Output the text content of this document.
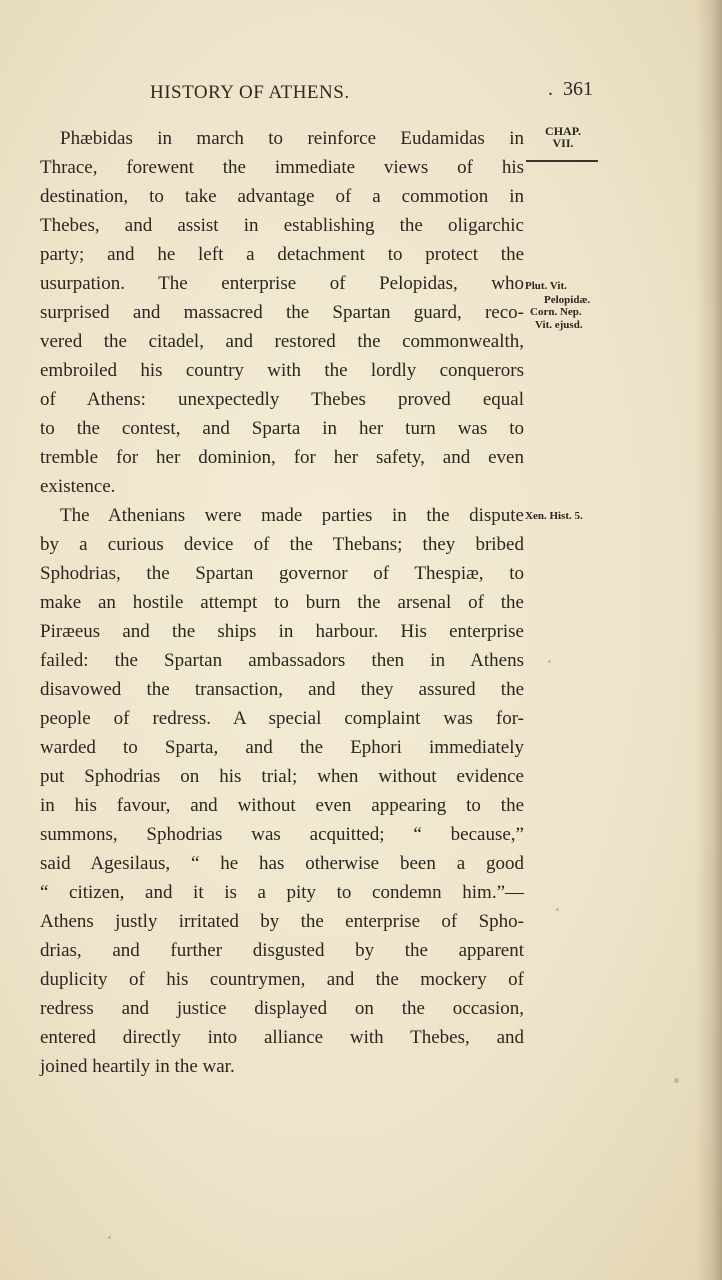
HISTORY OF ATHENS.	. 361
CHAP.
VII.
Plut. Vit.
Pelopidæ.
Corn. Nep.
Vit. ejusd.
Xen. Hist. 5.
Phæbidas in march to reinforce Eudamidas in
Thrace, forewent the immediate views of his
destination, to take advantage of a commotion in
Thebes, and assist in establishing the oligarchic
party; and he left a detachment to protect the
usurpation. The enterprise of Pelopidas, who
surprised and massacred the Spartan guard, reco-
vered the citadel, and restored the commonwealth,
embroiled his country with the lordly conquerors
of Athens: unexpectedly Thebes proved equal
to the contest, and Sparta in her turn was to
tremble for her dominion, for her safety, and even
existence.
The Athenians were made parties in the dispute
by a curious device of the Thebans; they bribed
Sphodrias, the Spartan governor of Thespiæ, to
make an hostile attempt to burn the arsenal of the
Piræeus and the ships in harbour. His enterprise
failed: the Spartan ambassadors then in Athens
disavowed the transaction, and they assured the
people of redress. A special complaint was for-
warded to Sparta, and the Ephori immediately
put Sphodrias on his trial; when without evidence
in his favour, and without even appearing to the
summons, Sphodrias was acquitted; “ because,”
said Agesilaus, “ he has otherwise been a good
“ citizen, and it is a pity to condemn him.”—
Athens justly irritated by the enterprise of Spho-
drias, and further disgusted by the apparent
duplicity of his countrymen, and the mockery of
redress and justice displayed on the occasion,
entered directly into alliance with Thebes, and
joined heartily in the war.
